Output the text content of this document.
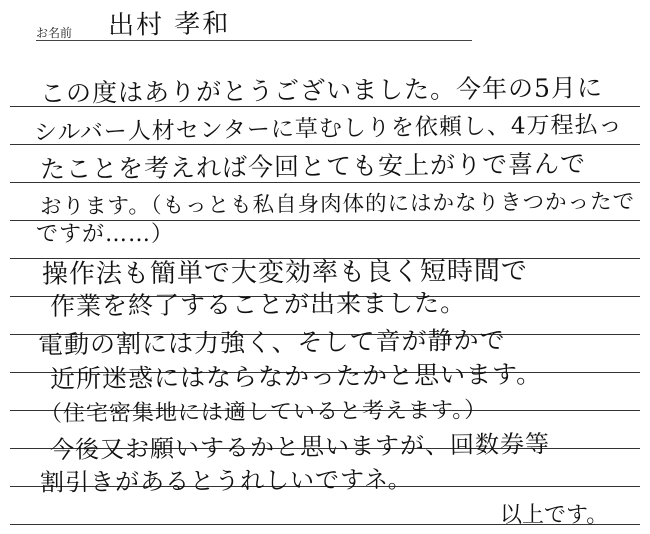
お名前 出村 孝和
この度はありがとうございました。今年の5月に
シルバー人材センターに草むしりを依頼し、4万程払っ
たことを考えれば今回とても安上がりで喜んで
おります。（もっとも私自身肉体的にはかなりきつかったで
ですが……）
操作法も簡単で大変効率も良く短時間で
作業を終了することが出来ました。
電動の割には力強く、そして音が静かで
近所迷惑にはならなかったかと思います。
（住宅密集地には適していると考えます。）
今後又お願いするかと思いますが、回数券等
割引きがあるとうれしいですネ。
以上です。
